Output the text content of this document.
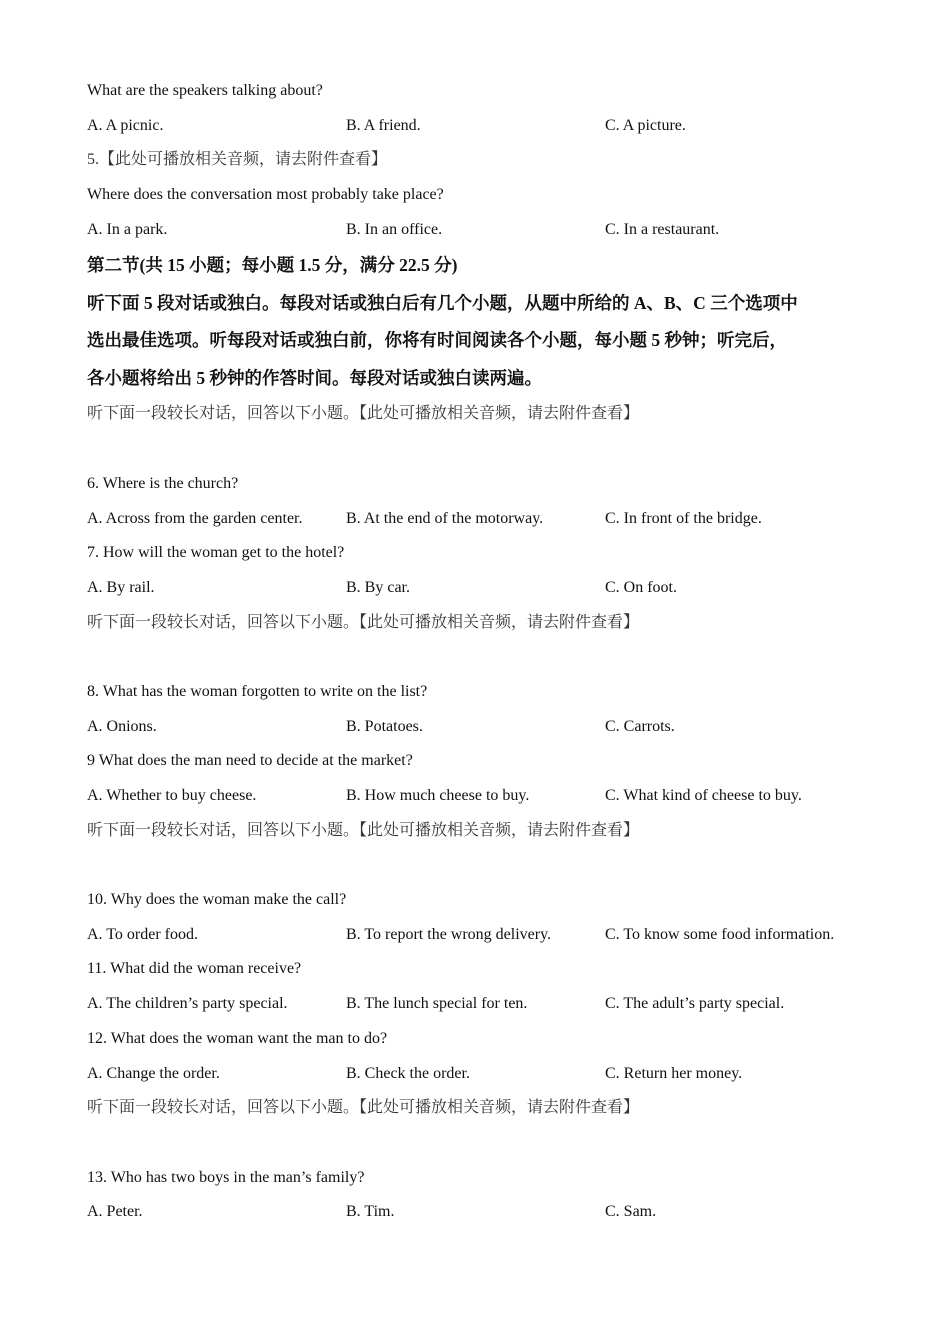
What are the speakers talking about?
A. A picnic.	B. A friend.	C. A picture.
5.【此处可播放相关音频，请去附件查看】
Where does the conversation most probably take place?
A. In a park.	B. In an office.	C. In a restaurant.
第二节(共 15 小题；每小题 1.5 分，满分 22.5 分)
听下面 5 段对话或独白。每段对话或独白后有几个小题，从题中所给的 A、B、C 三个选项中
选出最佳选项。听每段对话或独白前，你将有时间阅读各个小题，每小题 5 秒钟；听完后，
各小题将给出 5 秒钟的作答时间。每段对话或独白读两遍。
听下面一段较长对话，回答以下小题。【此处可播放相关音频，请去附件查看】
6. Where is the church?
A. Across from the garden center.	B. At the end of the motorway.	C. In front of the bridge.
7. How will the woman get to the hotel?
A. By rail.	B. By car.	C. On foot.
听下面一段较长对话，回答以下小题。【此处可播放相关音频，请去附件查看】
8. What has the woman forgotten to write on the list?
A. Onions.	B. Potatoes.	C. Carrots.
9 What does the man need to decide at the market?
A. Whether to buy cheese.	B. How much cheese to buy.	C. What kind of cheese to buy.
听下面一段较长对话，回答以下小题。【此处可播放相关音频，请去附件查看】
10. Why does the woman make the call?
A. To order food.	B. To report the wrong delivery.	C. To know some food information.
11. What did the woman receive?
A. The children’s party special.	B. The lunch special for ten.	C. The adult’s party special.
12. What does the woman want the man to do?
A. Change the order.	B. Check the order.	C. Return her money.
听下面一段较长对话，回答以下小题。【此处可播放相关音频，请去附件查看】
13. Who has two boys in the man’s family?
A. Peter.	B. Tim.	C. Sam.
